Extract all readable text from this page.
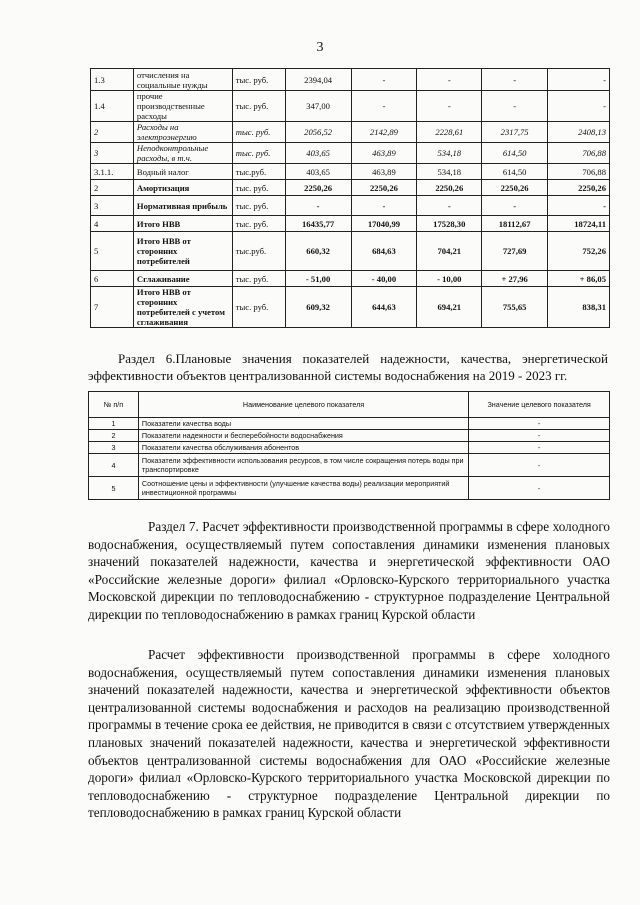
3
1.3	отчисления на социальные нужды	тыс. руб.	2394,04	-	-	-	-
1.4	прочие производственные расходы	тыс. руб.	347,00	-	-	-	-
2	Расходы на электроэнергию	тыс. руб.	2056,52	2142,89	2228,61	2317,75	2408,13
3	Неподконтрольные расходы, в т.ч.	тыс. руб.	403,65	463,89	534,18	614,50	706,88
3.1.1.	Водный налог	тыс.руб.	403,65	463,89	534,18	614,50	706,88
2	Амортизация	тыс. руб.	2250,26	2250,26	2250,26	2250,26	2250,26
3	Нормативная прибыль	тыс. руб.	-	-	-	-	-
4	Итого НВВ	тыс. руб.	16435,77	17040,99	17528,30	18112,67	18724,11
5	Итого НВВ от сторонних потребителей	тыс.руб.	660,32	684,63	704,21	727,69	752,26
6	Сглаживание	тыс. руб.	- 51,00	- 40,00	- 10,00	+ 27,96	+ 86,05
7	Итого НВВ от сторонних потребителей с учетом сглаживания	тыс. руб.	609,32	644,63	694,21	755,65	838,31
Раздел 6.Плановые значения показателей надежности, качества, энергетической эффективности объектов централизованной системы водоснабжения на 2019 - 2023 гг.
№ п/п	Наименование целевого показателя	Значение целевого показателя
1	Показатели качества воды	-
2	Показатели надежности и бесперебойности водоснабжения	-
3	Показатели качества обслуживания абонентов	-
4	Показатели эффективности использования ресурсов, в том числе сокращения потерь воды при транспортировке	-
5	Соотношение цены и эффективности (улучшение качества воды) реализации мероприятий инвестиционной программы	-
Раздел 7. Расчет эффективности производственной программы в сфере холодного водоснабжения, осуществляемый путем сопоставления динамики изменения плановых значений показателей надежности, качества и энергетической эффективности ОАО «Российские железные дороги» филиал «Орловско-Курского территориального участка Московской дирекции по тепловодоснабжению - структурное подразделение Центральной дирекции по тепловодоснабжению в рамках границ Курской области
Расчет эффективности производственной программы в сфере холодного водоснабжения, осуществляемый путем сопоставления динамики изменения плановых значений показателей надежности, качества и энергетической эффективности объектов централизованной системы водоснабжения и расходов на реализацию производственной программы в течение срока ее действия, не приводится в связи с отсутствием утвержденных плановых значений показателей надежности, качества и энергетической эффективности объектов централизованной системы водоснабжения для ОАО «Российские железные дороги» филиал «Орловско-Курского территориального участка Московской дирекции по тепловодоснабжению - структурное подразделение Центральной дирекции по тепловодоснабжению в рамках границ Курской области
